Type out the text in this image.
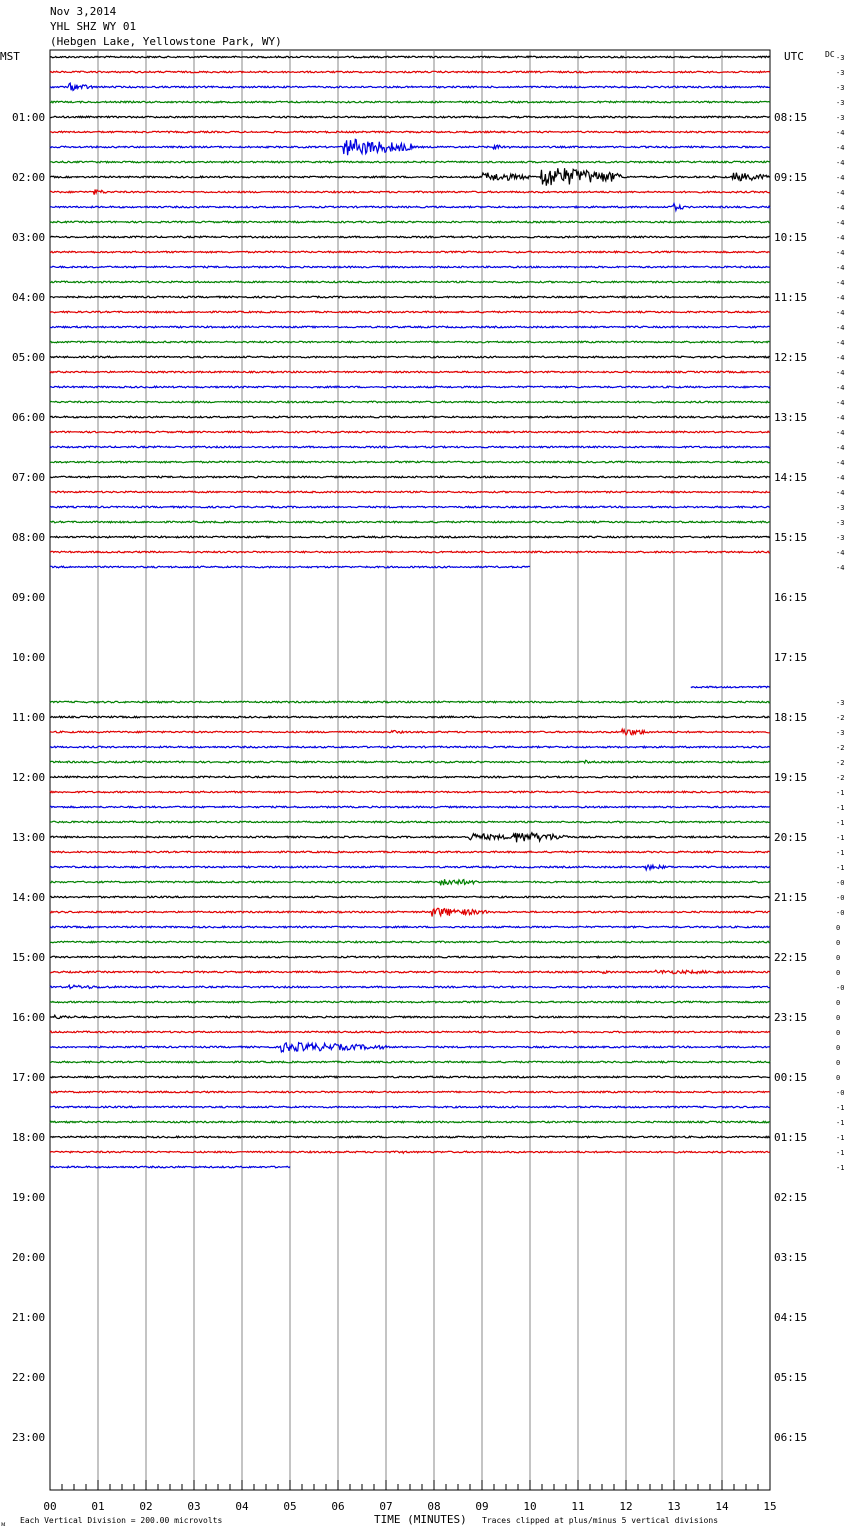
Nov 3,2014
YHL SHZ WY 01
(Hebgen Lake, Yellowstone Park, WY)
MST	UTC	DC
01:00
02:00
03:00
04:00
05:00
06:00
07:00
08:00
09:00
10:00
11:00
12:00
13:00
14:00
15:00
16:00
17:00
18:00
19:00
20:00
21:00
22:00
23:00
08:15
09:15
10:15
11:15
12:15
13:15
14:15
15:15
16:15
17:15
18:15
19:15
20:15
21:15
22:15
23:15
00:15
01:15
02:15
03:15
04:15
05:15
06:15
-3
-3
-3
-3
-3
-4
-4
-4
-4
-4
-4
-4
-4
-4
-4
-4
-4
-4
-4
-4
-4
-4
-4
-4
-4
-4
-4
-4
-4
-4
-3
-3
-3
-4
-4
-3
-2
-3
-2
-2
-2
-1
-1
-1
-1
-1
-1
-0
-0
-0
0
0
0
0
-0
0
0
0
0
0
0
-0
-1
-1
-1
-1
-1
00	01	02	03	04	05	06	07	08	09	10	11	12	13	14	15
ᴍ Each Vertical Division = 200.00 microvolts	TIME (MINUTES) Traces clipped at plus/minus 5 vertical divisions
